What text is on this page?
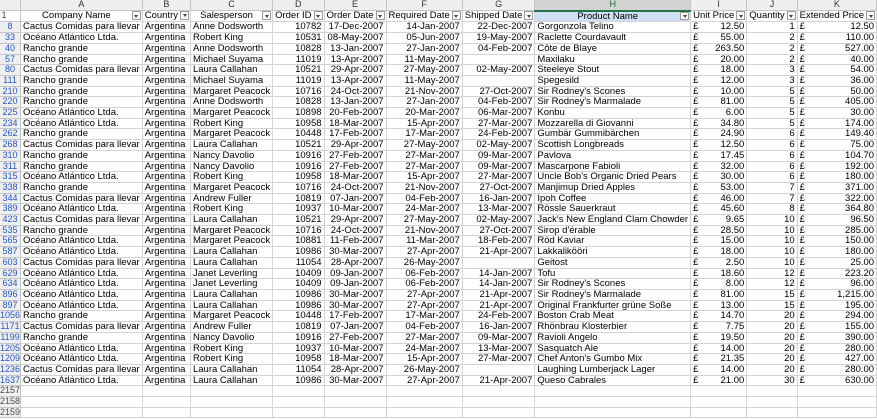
	A	B	C	D	E	F	G	H	I	J	K
1	Company Name	Country	Salesperson	Order ID	Order Date	Required Date	Shipped Date	Product Name	Unit Price	Quantity	Extended Price

8	Cactus Comidas para llevar	Argentina	Anne Dodsworth	10782	17-Dec-2007	14-Jan-2007	22-Dec-2007	Gorgonzola Telino	£ 12.50	1	£ 12.50
33	Océano Atlántico Ltda.	Argentina	Robert King	10531	08-May-2007	05-Jun-2007	19-May-2007	Raclette Courdavault	£ 55.00	2	£ 110.00
40	Rancho grande	Argentina	Anne Dodsworth	10828	13-Jan-2007	27-Jan-2007	04-Feb-2007	Côte de Blaye	£ 263.50	2	£ 527.00
57	Rancho grande	Argentina	Michael Suyama	11019	13-Apr-2007	11-May-2007		Maxilaku	£ 20.00	2	£ 40.00
80	Cactus Comidas para llevar	Argentina	Laura Callahan	10521	29-Apr-2007	27-May-2007	02-May-2007	Steeleye Stout	£ 18.00	3	£ 54.00
111	Rancho grande	Argentina	Michael Suyama	11019	13-Apr-2007	11-May-2007		Spegesild	£ 12.00	3	£ 36.00
210	Rancho grande	Argentina	Margaret Peacock	10716	24-Oct-2007	21-Nov-2007	27-Oct-2007	Sir Rodney's Scones	£ 10.00	5	£ 50.00
220	Rancho grande	Argentina	Anne Dodsworth	10828	13-Jan-2007	27-Jan-2007	04-Feb-2007	Sir Rodney's Marmalade	£ 81.00	5	£ 405.00
225	Océano Atlántico Ltda.	Argentina	Margaret Peacock	10898	20-Feb-2007	20-Mar-2007	06-Mar-2007	Konbu	£ 6.00	5	£ 30.00
234	Océano Atlántico Ltda.	Argentina	Robert King	10958	18-Mar-2007	15-Apr-2007	27-Mar-2007	Mozzarella di Giovanni	£ 34.80	5	£ 174.00
262	Rancho grande	Argentina	Margaret Peacock	10448	17-Feb-2007	17-Mar-2007	24-Feb-2007	Gumbär Gummibärchen	£ 24.90	6	£ 149.40
268	Cactus Comidas para llevar	Argentina	Laura Callahan	10521	29-Apr-2007	27-May-2007	02-May-2007	Scottish Longbreads	£ 12.50	6	£ 75.00
310	Rancho grande	Argentina	Nancy Davolio	10916	27-Feb-2007	27-Mar-2007	09-Mar-2007	Pavlova	£ 17.45	6	£ 104.70
311	Rancho grande	Argentina	Nancy Davolio	10916	27-Feb-2007	27-Mar-2007	09-Mar-2007	Mascarpone Fabioli	£ 32.00	6	£ 192.00
315	Océano Atlántico Ltda.	Argentina	Robert King	10958	18-Mar-2007	15-Apr-2007	27-Mar-2007	Uncle Bob's Organic Dried Pears	£ 30.00	6	£ 180.00
338	Rancho grande	Argentina	Margaret Peacock	10716	24-Oct-2007	21-Nov-2007	27-Oct-2007	Manjimup Dried Apples	£ 53.00	7	£ 371.00
344	Cactus Comidas para llevar	Argentina	Andrew Fuller	10819	07-Jan-2007	04-Feb-2007	16-Jan-2007	Ipoh Coffee	£ 46.00	7	£ 322.00
389	Océano Atlántico Ltda.	Argentina	Robert King	10937	10-Mar-2007	24-Mar-2007	13-Mar-2007	Rössle Sauerkraut	£ 45.60	8	£ 364.80
423	Cactus Comidas para llevar	Argentina	Laura Callahan	10521	29-Apr-2007	27-May-2007	02-May-2007	Jack's New England Clam Chowder	£ 9.65	10	£ 96.50
535	Rancho grande	Argentina	Margaret Peacock	10716	24-Oct-2007	21-Nov-2007	27-Oct-2007	Sirop d'érable	£ 28.50	10	£ 285.00
565	Océano Atlántico Ltda.	Argentina	Margaret Peacock	10881	11-Feb-2007	11-Mar-2007	18-Feb-2007	Röd Kaviar	£ 15.00	10	£ 150.00
587	Océano Atlántico Ltda.	Argentina	Laura Callahan	10986	30-Mar-2007	27-Apr-2007	21-Apr-2007	Lakkalikööri	£ 18.00	10	£ 180.00
603	Cactus Comidas para llevar	Argentina	Laura Callahan	11054	28-Apr-2007	26-May-2007		Geitost	£ 2.50	10	£ 25.00
629	Océano Atlántico Ltda.	Argentina	Janet Leverling	10409	09-Jan-2007	06-Feb-2007	14-Jan-2007	Tofu	£ 18.60	12	£ 223.20
634	Océano Atlántico Ltda.	Argentina	Janet Leverling	10409	09-Jan-2007	06-Feb-2007	14-Jan-2007	Sir Rodney's Scones	£ 8.00	12	£ 96.00
896	Océano Atlántico Ltda.	Argentina	Laura Callahan	10986	30-Mar-2007	27-Apr-2007	21-Apr-2007	Sir Rodney's Marmalade	£ 81.00	15	£ 1,215.00
897	Océano Atlántico Ltda.	Argentina	Laura Callahan	10986	30-Mar-2007	27-Apr-2007	21-Apr-2007	Original Frankfurter grüne Soße	£ 13.00	15	£ 195.00
1056	Rancho grande	Argentina	Margaret Peacock	10448	17-Feb-2007	17-Mar-2007	24-Feb-2007	Boston Crab Meat	£ 14.70	20	£ 294.00
1171	Cactus Comidas para llevar	Argentina	Andrew Fuller	10819	07-Jan-2007	04-Feb-2007	16-Jan-2007	Rhönbrau Klosterbier	£ 7.75	20	£ 155.00
1199	Rancho grande	Argentina	Nancy Davolio	10916	27-Feb-2007	27-Mar-2007	09-Mar-2007	Ravioli Angelo	£ 19.50	20	£ 390.00
1205	Océano Atlántico Ltda.	Argentina	Robert King	10937	10-Mar-2007	24-Mar-2007	13-Mar-2007	Sasquatch Ale	£ 14.00	20	£ 280.00
1209	Océano Atlántico Ltda.	Argentina	Robert King	10958	18-Mar-2007	15-Apr-2007	27-Mar-2007	Chef Anton's Gumbo Mix	£ 21.35	20	£ 427.00
1236	Cactus Comidas para llevar	Argentina	Laura Callahan	11054	28-Apr-2007	26-May-2007		Laughing Lumberjack Lager	£ 14.00	20	£ 280.00
1637	Océano Atlántico Ltda.	Argentina	Laura Callahan	10986	30-Mar-2007	27-Apr-2007	21-Apr-2007	Queso Cabrales	£ 21.00	30	£ 630.00
2157											
2158											
2159											
